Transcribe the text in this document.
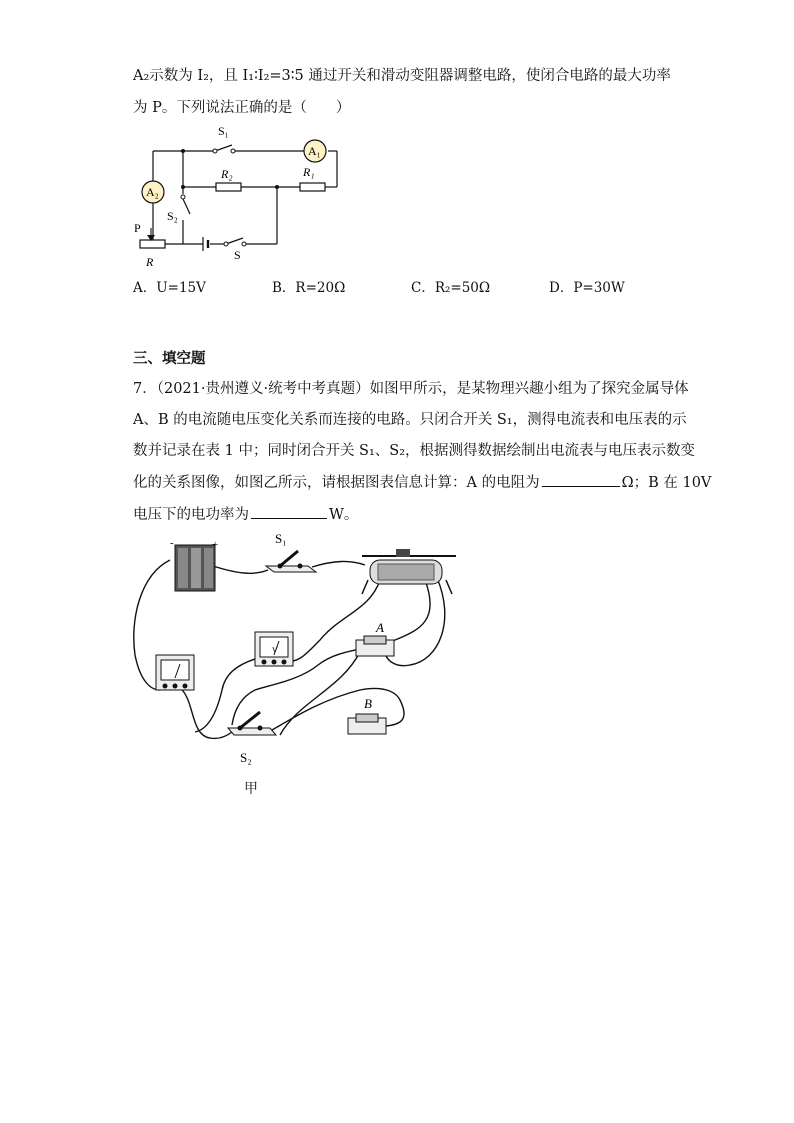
A₂示数为 I₂，且 I₁∶I₂=3∶5 通过开关和滑动变阻器调整电路，使闭合电路的最大功率
为 P。下列说法正确的是（　　）
A₁
A₂
S₁
R₂	R₁
S₂
P
R	S
A．U=15V	B．R=20Ω	C．R₂=50Ω	D．P=30W
三、填空题
7．（2021·贵州遵义·统考中考真题）如图甲所示，是某物理兴趣小组为了探究金属导体
A、B 的电流随电压变化关系而连接的电路。只闭合开关 S₁，测得电流表和电压表的示
数并记录在表 1 中；同时闭合开关 S₁、S₂，根据测得数据绘制出电流表与电压表示数变
化的关系图像，如图乙所示，请根据图表信息计算：A 的电阻为	Ω；B 在 10V
电压下的电功率为	W。
-	+	S₁
V
A
B
S₂
甲
